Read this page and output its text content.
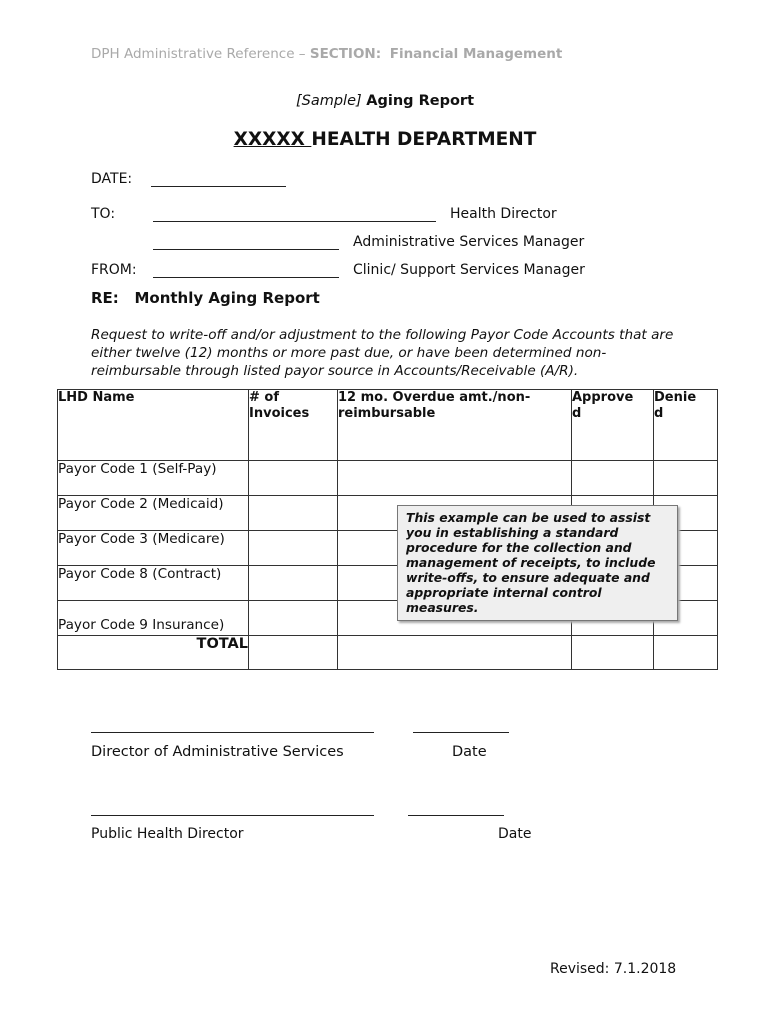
DPH Administrative Reference – SECTION: Financial Management
[Sample] Aging Report
XXXXX HEALTH DEPARTMENT
DATE:
TO:	Health Director
Administrative Services Manager
FROM:	Clinic/ Support Services Manager
RE: Monthly Aging Report
Request to write-off and/or adjustment to the following Payor Code Accounts that are either twelve (12) months or more past due, or have been determined non-reimbursable through listed payor source in Accounts/Receivable (A/R).
LHD Name	# of Invoices	12 mo. Overdue amt./non-reimbursable	Approve d	Denie d

Payor Code 1 (Self-Pay)				
Payor Code 2 (Medicaid)				
Payor Code 3 (Medicare)				
Payor Code 8 (Contract)				
Payor Code 9 Insurance)				
TOTAL				
This example can be used to assist you in establishing a standard procedure for the collection and management of receipts, to include write-offs, to ensure adequate and appropriate internal control measures.
Director of Administrative Services	Date
Public Health Director	Date
Revised: 7.1.2018
